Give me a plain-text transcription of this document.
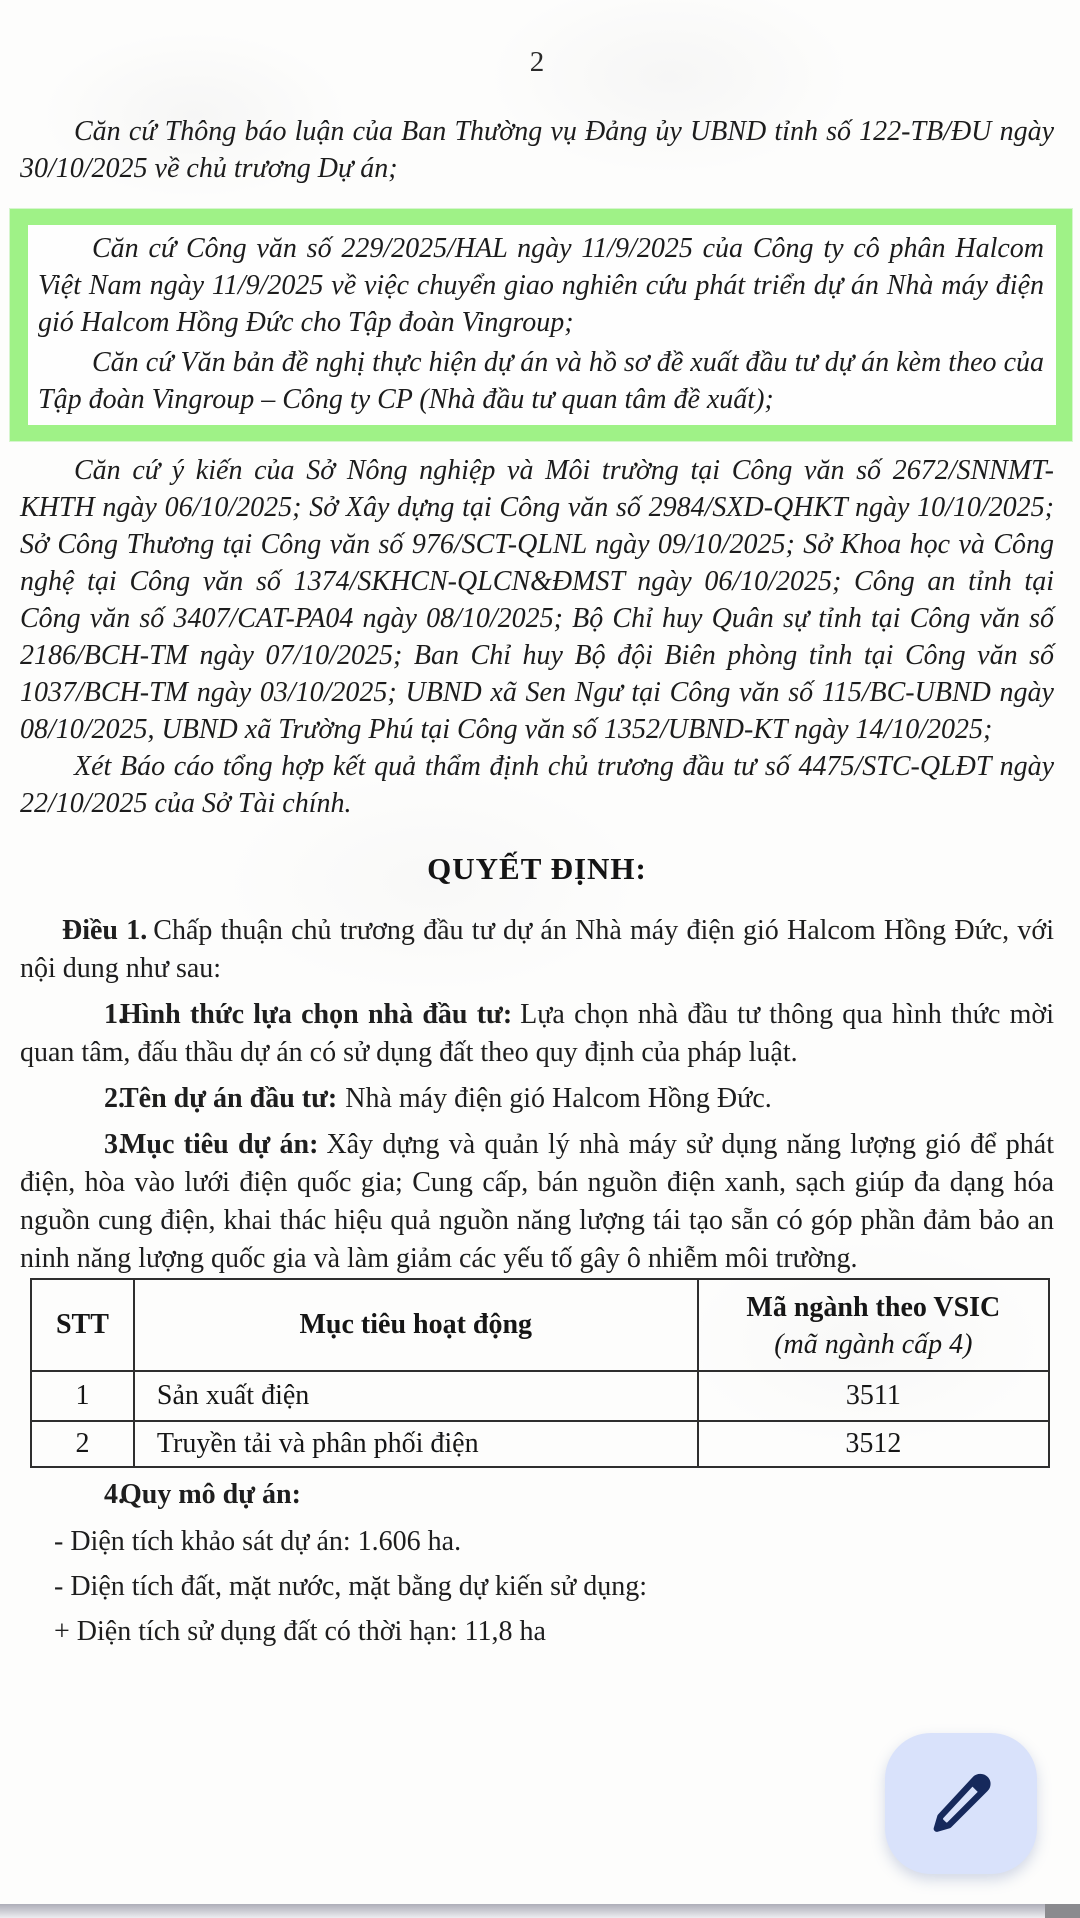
2

Căn cứ Thông báo luận của Ban Thường vụ Đảng ủy UBND tỉnh số 122-TB/ĐU ngày 30/10/2025 về chủ trương Dự án;

Căn cứ Công văn số 229/2025/HAL ngày 11/9/2025 của Công ty cô phân Halcom Việt Nam ngày 11/9/2025 về việc chuyển giao nghiên cứu phát triển dự án Nhà máy điện gió Halcom Hồng Đức cho Tập đoàn Vingroup;

Căn cứ Văn bản đề nghị thực hiện dự án và hồ sơ đề xuất đầu tư dự án kèm theo của Tập đoàn Vingroup – Công ty CP (Nhà đầu tư quan tâm đề xuất);

Căn cứ ý kiến của Sở Nông nghiệp và Môi trường tại Công văn số 2672/SNNMT-KHTH ngày 06/10/2025; Sở Xây dựng tại Công văn số 2984/SXD-QHKT ngày 10/10/2025; Sở Công Thương tại Công văn số 976/SCT-QLNL ngày 09/10/2025; Sở Khoa học và Công nghệ tại Công văn số 1374/SKHCN-QLCN&ĐMST ngày 06/10/2025; Công an tỉnh tại Công văn số 3407/CAT-PA04 ngày 08/10/2025; Bộ Chỉ huy Quân sự tỉnh tại Công văn số 2186/BCH-TM ngày 07/10/2025; Ban Chỉ huy Bộ đội Biên phòng tỉnh tại Công văn số 1037/BCH-TM ngày 03/10/2025; UBND xã Sen Ngư tại Công văn số 115/BC-UBND ngày 08/10/2025, UBND xã Trường Phú tại Công văn số 1352/UBND-KT ngày 14/10/2025;

Xét Báo cáo tổng hợp kết quả thẩm định chủ trương đầu tư số 4475/STC-QLĐT ngày 22/10/2025 của Sở Tài chính.

QUYẾT ĐỊNH:

Điều 1. Chấp thuận chủ trương đầu tư dự án Nhà máy điện gió Halcom Hồng Đức, với nội dung như sau:

1.Hình thức lựa chọn nhà đầu tư: Lựa chọn nhà đầu tư thông qua hình thức mời quan tâm, đấu thầu dự án có sử dụng đất theo quy định của pháp luật.

2.Tên dự án đầu tư: Nhà máy điện gió Halcom Hồng Đức.

3.Mục tiêu dự án: Xây dựng và quản lý nhà máy sử dụng năng lượng gió để phát điện, hòa vào lưới điện quốc gia; Cung cấp, bán nguồn điện xanh, sạch giúp đa dạng hóa nguồn cung điện, khai thác hiệu quả nguồn năng lượng tái tạo sẵn có góp phần đảm bảo an ninh năng lượng quốc gia và làm giảm các yếu tố gây ô nhiễm môi trường.

STT	Mục tiêu hoạt động	Mã ngành theo VSIC
(mã ngành cấp 4)

1	Sản xuất điện	3511
2	Truyền tải và phân phối điện	3512

4.Quy mô dự án:

- Diện tích khảo sát dự án: 1.606 ha.

- Diện tích đất, mặt nước, mặt bằng dự kiến sử dụng:

+ Diện tích sử dụng đất có thời hạn: 11,8 ha
